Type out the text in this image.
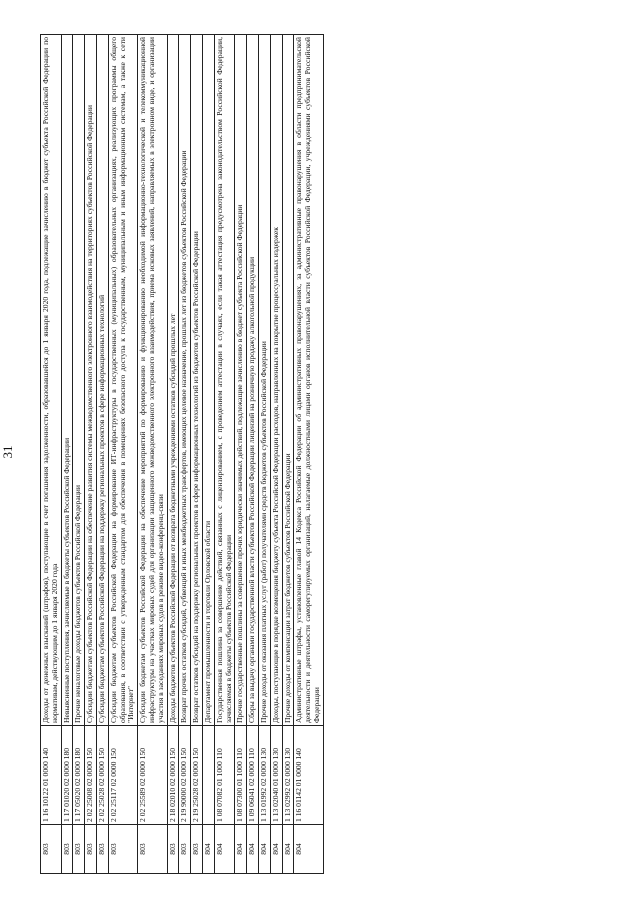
31
803	1 16 10122 01 0000 140	Доходы от денежных взысканий (штрафов), поступающие в счет погашения задолженности, образовавшейся до 1 января 2020 года, подлежащие зачислению в бюджет субъекта Российской Федерации по нормативам, действующим до 1 января 2020 года
803	1 17 01020 02 0000 180	Невыясненные поступления, зачисляемые в бюджеты субъектов Российской Федерации
803	1 17 05020 02 0000 180	Прочие неналоговые доходы бюджетов субъектов Российской Федерации
803	2 02 25008 02 0000 150	Субсидии бюджетам субъектов Российской Федерации на обеспечение развития системы межведомственного электронного взаимодействия на территориях субъектов Российской Федерации
803	2 02 25028 02 0000 150	Субсидии бюджетам субъектов Российской Федерации на поддержку региональных проектов в сфере информационных технологий
803	2 02 25117 02 0000 150	Субсидии бюджетам субъектов Российской Федерации на формирование ИТ-инфраструктуры в государственных (муниципальных) образовательных организациях, реализующих программы общего образования, в соответствии с утвержденным стандартом для обеспечения в помещениях безопасного доступа к государственным, муниципальным и иным информационным системам, а также к сети "Интернет"
803	2 02 25589 02 0000 150	Субсидии бюджетам субъектов Российской Федерации на обеспечение мероприятий по формированию и функционированию необходимой информационно-технологической и телекоммуникационной инфраструктуры на участках мировых судей для организации защищенного межведомственного электронного взаимодействия, приема исковых заявлений, направляемых в электронном виде, и организации участия в заседаниях мировых судов в режиме видео-конференц-связи
803	2 18 02010 02 0000 150	Доходы бюджетов субъектов Российской Федерации от возврата бюджетными учреждениями остатков субсидий прошлых лет
803	2 19 90000 02 0000 150	Возврат прочих остатков субсидий, субвенций и иных межбюджетных трансфертов, имеющих целевое назначение, прошлых лет из бюджетов субъектов Российской Федерации
803	2 19 25028 02 0000 150	Возврат остатков субсидий на поддержку региональных проектов в сфере информационных технологий из бюджетов субъектов Российской Федерации
804		Департамент промышленности и торговли Орловской области
804	1 08 07082 01 1000 110	Государственная пошлина за совершение действий, связанных с лицензированием, с проведением аттестации в случаях, если такая аттестация предусмотрена законодательством Российской Федерации, зачисляемая в бюджеты субъектов Российской Федерации
804	1 08 07300 01 1000 110	Прочие государственные пошлины за совершение прочих юридически значимых действий, подлежащие зачислению в бюджет субъекта Российской Федерации
804	1 09 06041 02 0000 110	Сборы за выдачу органами государственной власти субъектов Российской Федерации лицензий на розничную продажу алкогольной продукции
804	1 13 01992 02 0000 130	Прочие доходы от оказания платных услуг (работ) получателями средств бюджетов субъектов Российской Федерации
804	1 13 02040 01 0000 130	Доходы, поступающие в порядке возмещения бюджету субъекта Российской Федерации расходов, направленных на покрытие процессуальных издержек
804	1 13 02992 02 0000 130	Прочие доходы от компенсации затрат бюджетов субъектов Российской Федерации
804	1 16 01142 01 0000 140	Административные штрафы, установленные главой 14 Кодекса Российской Федерации об административных правонарушениях, за административные правонарушения в области предпринимательской деятельности и деятельности саморегулируемых организаций, налагаемые должностными лицами органов исполнительной власти субъектов Российской Федерации, учреждениями субъектов Российской Федерации
